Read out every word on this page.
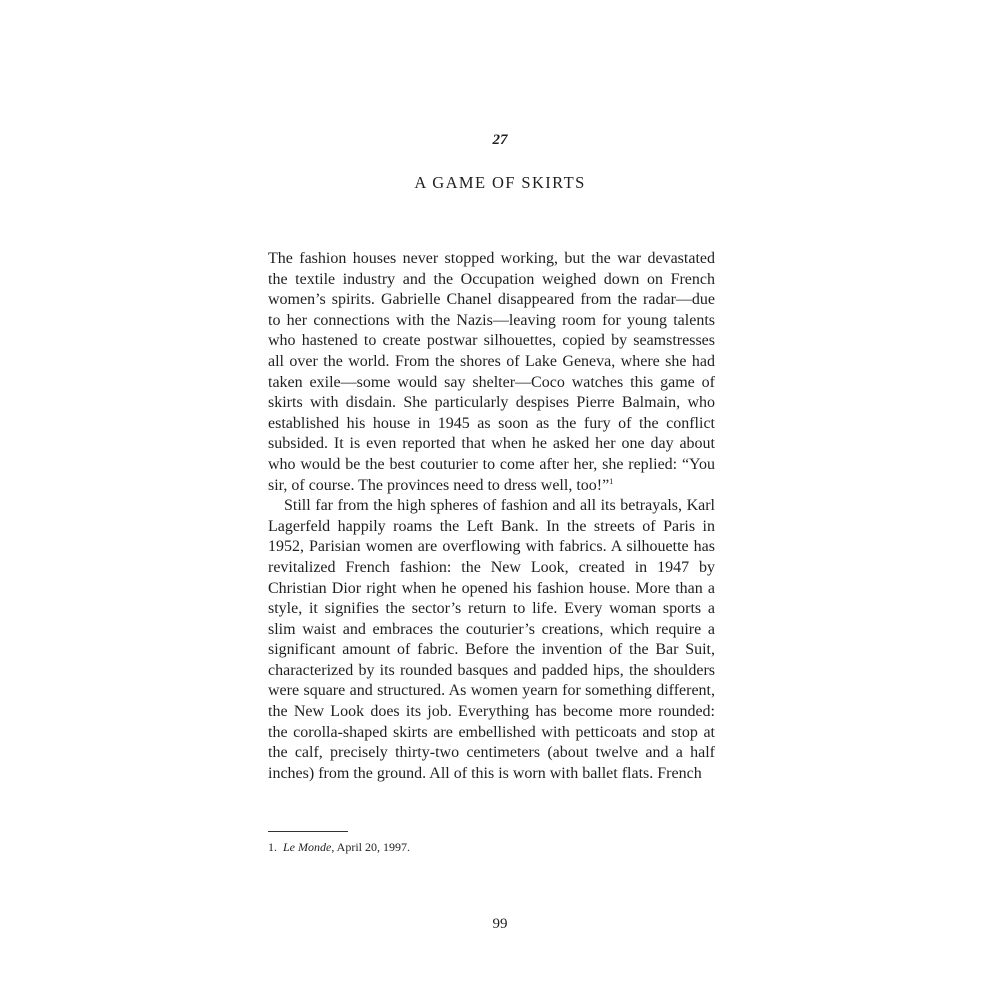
27
A GAME OF SKIRTS

The fashion houses never stopped working, but the war devastated the textile industry and the Occupation weighed down on French women’s spirits. Gabrielle Chanel disappeared from the radar—due to her connections with the Nazis—leaving room for young talents who hastened to create postwar silhouettes, copied by seamstresses all over the world. From the shores of Lake Geneva, where she had taken exile—some would say shelter—Coco watches this game of skirts with disdain. She particularly despises Pierre Balmain, who established his house in 1945 as soon as the fury of the conflict subsided. It is even reported that when he asked her one day about who would be the best couturier to come after her, she replied: “You sir, of course. The provinces need to dress well, too!”$^1$

Still far from the high spheres of fashion and all its betrayals, Karl Lagerfeld happily roams the Left Bank. In the streets of Paris in 1952, Parisian women are overflowing with fabrics. A silhouette has revitalized French fashion: the New Look, created in 1947 by Christian Dior right when he opened his fashion house. More than a style, it signifies the sector’s return to life. Every woman sports a slim waist and embraces the couturier’s creations, which require a significant amount of fabric. Before the invention of the Bar Suit, characterized by its rounded basques and padded hips, the shoulders were square and structured. As women yearn for something different, the New Look does its job. Everything has become more rounded: the corolla-shaped skirts are embellished with petticoats and stop at the calf, precisely thirty-two centimeters (about twelve and a half inches) from the ground. All of this is worn with ballet flats. French

1. Le Monde, April 20, 1997.
99
